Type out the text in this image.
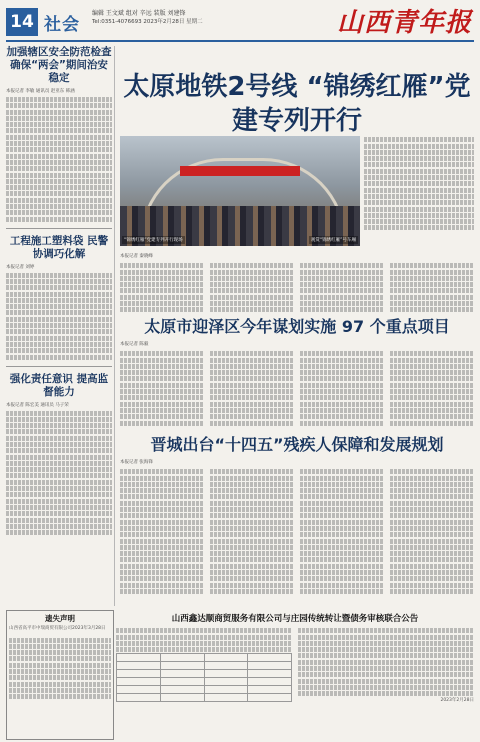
14 社会
编辑 王文斌 组对 辛远 装版 刘建锋
Tel:0351-4076693 2023年2月28日 星期二	山西青年报
加强辖区安全防范检查 确保“两会”期间治安稳定
本报记者 李敏 通讯员 赵亚东 韩涵
工程施工塑料袋 民警协调巧化解
本报记者 刘婷
强化责任意识 提高监督能力
本报记者 陈宏美 通讯员 马子荣
遗失声明
山西省高平市中瑞商贸有限公司2023年3月28日
太原地铁2号线 “锦绣红雁”党建专列开行
“锦绣红雁”党建专列开行现场	观赏“锦绣红雁”号车厢
本报记者 秦晓峰
太原市迎泽区今年谋划实施 97 个重点项目
本报记者 陈毅
晋城出台“十四五”残疾人保障和发展规划
本报记者 张海锋
山西鑫达顺商贸服务有限公司与庄园传统转让暨债务审核联合公告

2023年2月28日
